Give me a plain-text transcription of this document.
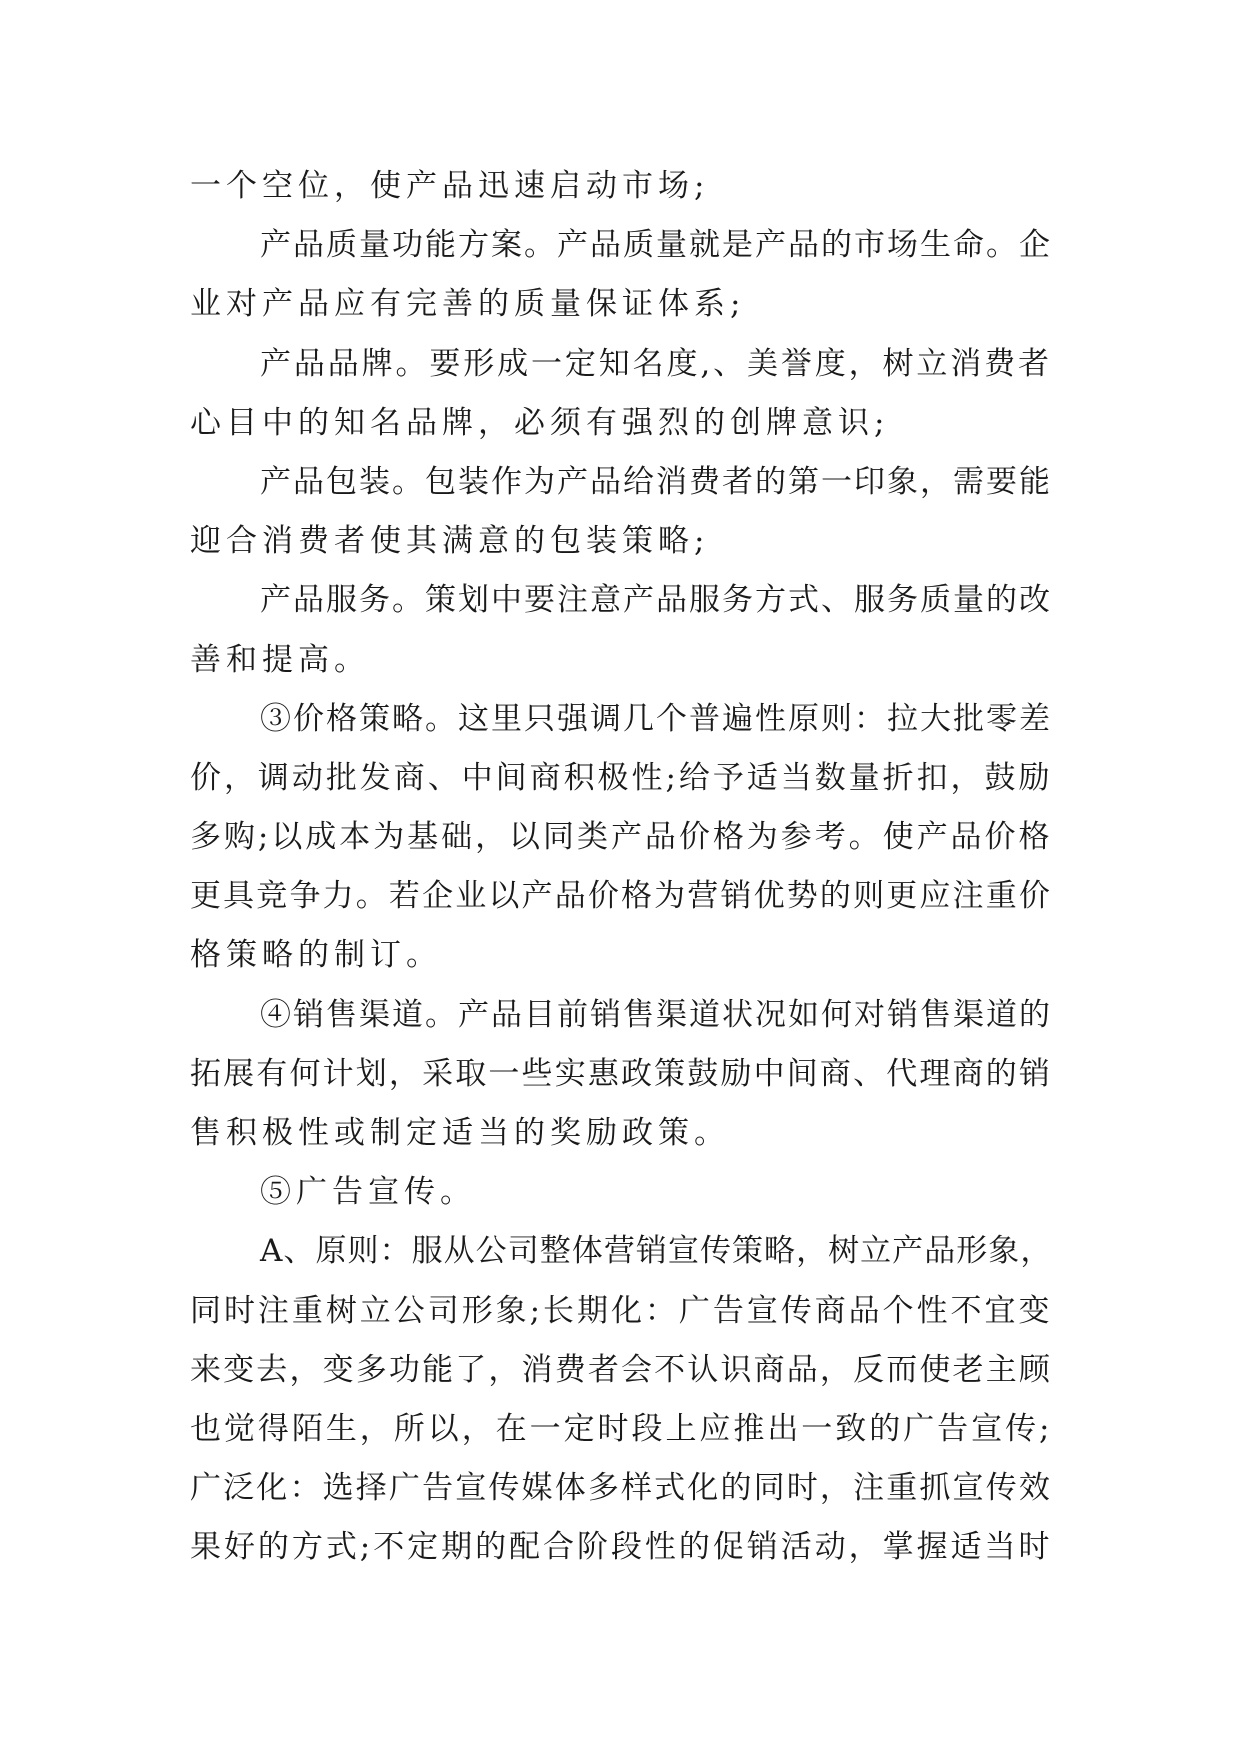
一个空位，使产品迅速启动市场;
产品质量功能方案。产品质量就是产品的市场生命。企
业对产品应有完善的质量保证体系;
产品品牌。要形成一定知名度,、美誉度，树立消费者
心目中的知名品牌，必须有强烈的创牌意识;
产品包装。包装作为产品给消费者的第一印象，需要能
迎合消费者使其满意的包装策略;
产品服务。策划中要注意产品服务方式、服务质量的改
善和提高。
③价格策略。这里只强调几个普遍性原则：拉大批零差
价，调动批发商、中间商积极性;给予适当数量折扣，鼓励
多购;以成本为基础，以同类产品价格为参考。使产品价格
更具竞争力。若企业以产品价格为营销优势的则更应注重价
格策略的制订。
④销售渠道。产品目前销售渠道状况如何对销售渠道的
拓展有何计划，采取一些实惠政策鼓励中间商、代理商的销
售积极性或制定适当的奖励政策。
⑤广告宣传。
A、原则：服从公司整体营销宣传策略，树立产品形象，
同时注重树立公司形象;长期化：广告宣传商品个性不宜变
来变去，变多功能了，消费者会不认识商品，反而使老主顾
也觉得陌生，所以，在一定时段上应推出一致的广告宣传;
广泛化：选择广告宣传媒体多样式化的同时，注重抓宣传效
果好的方式;不定期的配合阶段性的促销活动，掌握适当时
